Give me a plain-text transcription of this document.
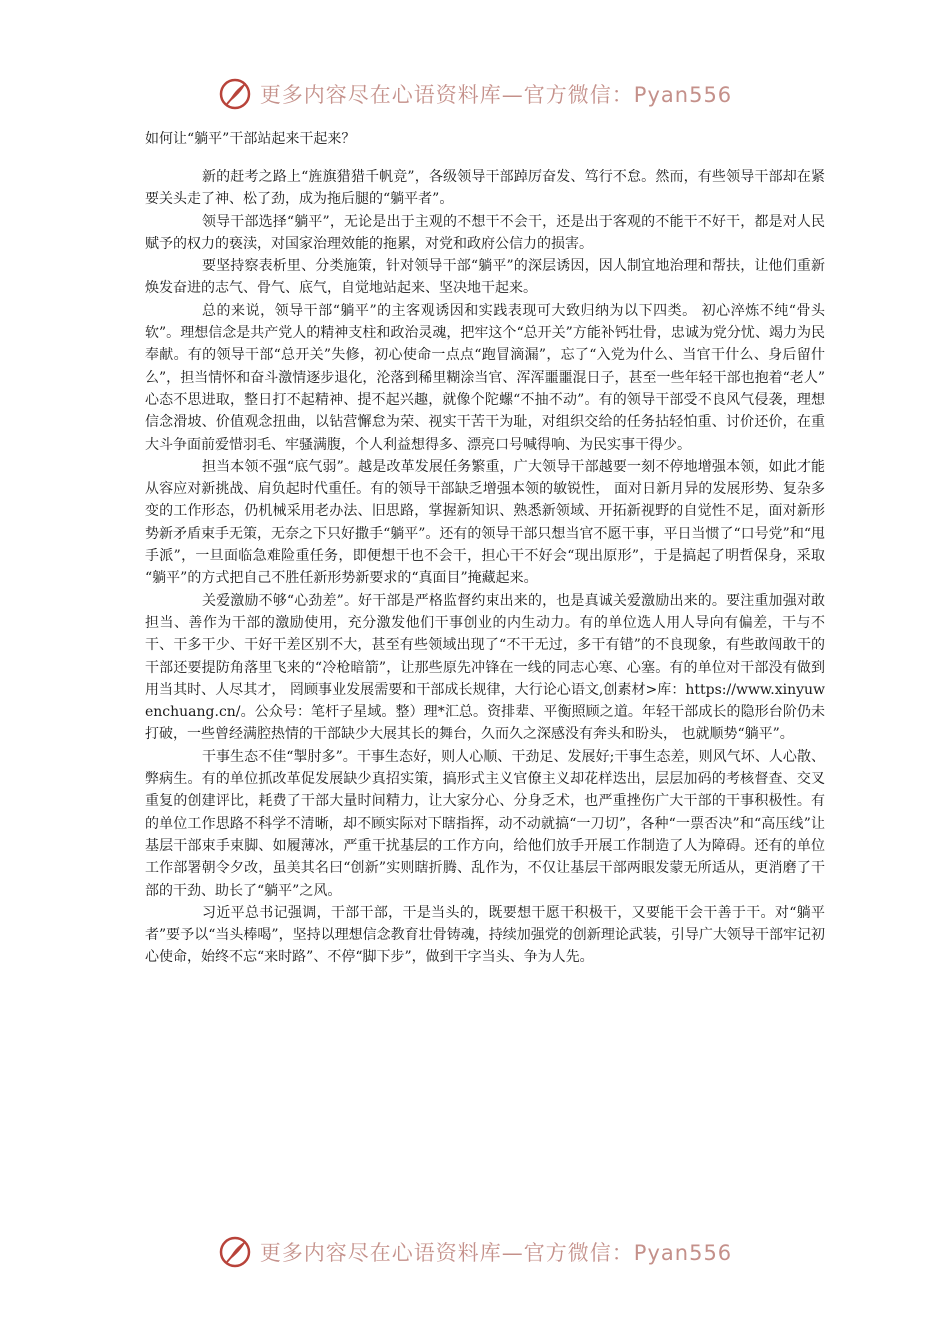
更多内容尽在心语资料库—官方微信：Pyan556
如何让“躺平”干部站起来干起来？

新的赶考之路上“旌旗猎猎千帆竞”，各级领导干部踔厉奋发、笃行不怠。然而，有些领导干部却在紧要关头走了神、松了劲，成为拖后腿的“躺平者”。

领导干部选择“躺平”，无论是出于主观的不想干不会干，还是出于客观的不能干不好干，都是对人民赋予的权力的亵渎，对国家治理效能的拖累，对党和政府公信力的损害。

要坚持察表析里、分类施策，针对领导干部“躺平”的深层诱因，因人制宜地治理和帮扶，让他们重新焕发奋进的志气、骨气、底气，自觉地站起来、坚决地干起来。

总的来说，领导干部“躺平”的主客观诱因和实践表现可大致归纳为以下四类。 初心淬炼不纯“骨头软”。理想信念是共产党人的精神支柱和政治灵魂，把牢这个“总开关”方能补钙壮骨，忠诚为党分忧、竭力为民奉献。有的领导干部“总开关”失修，初心使命一点点“跑冒滴漏”，忘了“入党为什么、当官干什么、身后留什么”，担当情怀和奋斗激情逐步退化，沦落到稀里糊涂当官、浑浑噩噩混日子，甚至一些年轻干部也抱着“老人” 心态不思进取，整日打不起精神、提不起兴趣，就像个陀螺“不抽不动”。有的领导干部受不良风气侵袭，理想信念滑坡、价值观念扭曲，以钻营懈怠为荣、视实干苦干为耻，对组织交给的任务拈轻怕重、讨价还价，在重大斗争面前爱惜羽毛、牢骚满腹，个人利益想得多、漂亮口号喊得响、为民实事干得少。

担当本领不强“底气弱”。越是改革发展任务繁重，广大领导干部越要一刻不停地增强本领，如此才能从容应对新挑战、肩负起时代重任。有的领导干部缺乏增强本领的敏锐性， 面对日新月异的发展形势、复杂多变的工作形态，仍机械采用老办法、旧思路，掌握新知识、熟悉新领域、开拓新视野的自觉性不足，面对新形势新矛盾束手无策，无奈之下只好撒手“躺平”。还有的领导干部只想当官不愿干事，平日当惯了“口号党”和“甩手派”，一旦面临急难险重任务，即便想干也不会干，担心干不好会“现出原形”，于是搞起了明哲保身，采取 “躺平”的方式把自己不胜任新形势新要求的“真面目”掩藏起来。

关爱激励不够“心劲差”。好干部是严格监督约束出来的，也是真诚关爱激励出来的。要注重加强对敢担当、善作为干部的激励使用，充分激发他们干事创业的内生动力。有的单位选人用人导向有偏差，干与不干、干多干少、干好干差区别不大，甚至有些领域出现了“不干无过，多干有错”的不良现象，有些敢闯敢干的干部还要提防角落里飞来的“冷枪暗箭”，让那些原先冲锋在一线的同志心寒、心塞。有的单位对干部没有做到用当其时、人尽其才， 罔顾事业发展需要和干部成长规律，大行论心语文,创素材>库：https://www.xinyuwenchuang.cn/。公众号：笔杆子星域。整）理*汇总。资排辈、平衡照顾之道。年轻干部成长的隐形台阶仍未打破，一些曾经满腔热情的干部缺少大展其长的舞台，久而久之深感没有奔头和盼头， 也就顺势“躺平”。

干事生态不佳“掣肘多”。干事生态好，则人心顺、干劲足、发展好;干事生态差，则风气坏、人心散、弊病生。有的单位抓改革促发展缺少真招实策，搞形式主义官僚主义却花样迭出，层层加码的考核督查、交叉重复的创建评比，耗费了干部大量时间精力，让大家分心、分身乏术，也严重挫伤广大干部的干事积极性。有的单位工作思路不科学不清晰，却不顾实际对下瞎指挥，动不动就搞“一刀切”，各种“一票否决”和“高压线”让基层干部束手束脚、如履薄冰，严重干扰基层的工作方向，给他们放手开展工作制造了人为障碍。还有的单位工作部署朝令夕改，虽美其名曰“创新”实则瞎折腾、乱作为，不仅让基层干部两眼发蒙无所适从，更消磨了干部的干劲、助长了“躺平”之风。

习近平总书记强调，干部干部，干是当头的，既要想干愿干积极干，又要能干会干善于干。对“躺平者”要予以“当头棒喝”，坚持以理想信念教育壮骨铸魂，持续加强党的创新理论武装，引导广大领导干部牢记初心使命，始终不忘“来时路”、不停“脚下步”，做到干字当头、争为人先。

更多内容尽在心语资料库—官方微信：Pyan556
